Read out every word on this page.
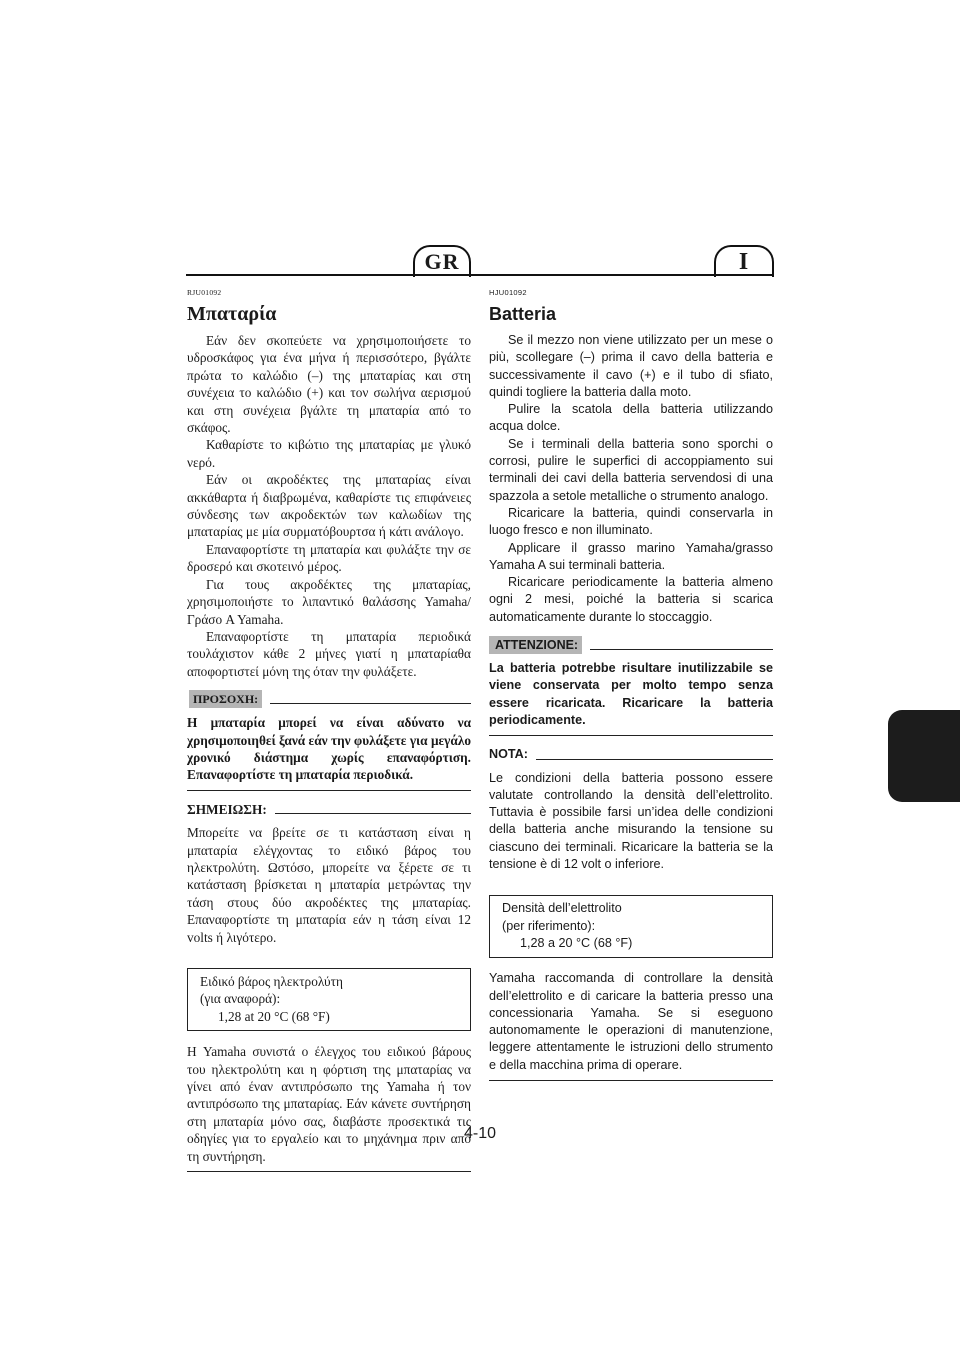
GR	I
RJU01092
Μπαταρία

Εάν δεν σκοπεύετε να χρησιμοποιήσετε το υδροσκάφος για ένα μήνα ή περισσότερο, βγάλτε πρώτα το καλώδιο (–) της μπαταρίας και στη συνέχεια το καλώδιο (+) και τον σωλήνα αερισμού και στη συνέχεια βγάλτε τη μπαταρία από το σκάφος.

Καθαρίστε το κιβώτιο της μπαταρίας με γλυκό νερό.

Εάν οι ακροδέκτες της μπαταρίας είναι ακκάθαρτα ή διαβρωμένα, καθαρίστε τις επιφάνειες σύνδεσης των ακροδεκτών των καλωδίων της μπαταρίας με μία συρματόβουρτσα ή κάτι ανάλογο.

Επαναφορτίστε τη μπαταρία και φυλάξτε την σε δροσερό και σκοτεινό μέρος.

Για τους ακροδέκτες της μπαταρίας, χρησιμοποιήστε το λιπαντικό θαλάσσης Yamaha/Γράσο A Yamaha.

Επαναφορτίστε τη μπαταρία περιοδικά τουλάχιστον κάθε 2 μήνες γιατί η μπαταρίαθα αποφορτιστεί μόνη της όταν την φυλάξετε.

ΠΡΟΣΟΧΗ:

Η μπαταρία μπορεί να είναι αδύνατο να χρησιμοποιηθεί ξανά εάν την φυλάξετε για μεγάλο χρονικό διάστημα χωρίς επαναφόρτιση. Επαναφορτίστε τη μπαταρία περιοδικά.

ΣΗΜΕΙΩΣΗ:

Μπορείτε να βρείτε σε τι κατάσταση είναι η μπαταρία ελέγχοντας το ειδικό βάρος του ηλεκτρολύτη. Ωστόσο, μπορείτε να ξέρετε σε τι κατάσταση βρίσκεται η μπαταρία μετρώντας την τάση στους δύο ακροδέκτες της μπαταρίας. Επαναφορτίστε τη μπαταρία εάν η τάση είναι 12 volts ή λιγότερο.

Ειδικό βάρος ηλεκτρολύτη
(για αναφορά):
1,28 at 20 °C (68 °F)

Η Yamaha συνιστά ο έλεγχος του ειδικού βάρους του ηλεκτρολύτη και η φόρτιση της μπαταρίας να γίνει από έναν αντιπρόσωπο της Yamaha ή τον αντιπρόσωπο της μπαταρίας. Εάν κάνετε συντήρηση στη μπαταρία μόνο σας, διαβάστε προσεκτικά τις οδηγίες για το εργαλείο και το μηχάνημα πριν από τη συντήρηση.

HJU01092
Batteria

Se il mezzo non viene utilizzato per un mese o più, scollegare (–) prima il cavo della batteria e successivamente il cavo (+) e il tubo di sfiato, quindi togliere la batteria dalla moto.

Pulire la scatola della batteria utilizzando acqua dolce.

Se i terminali della batteria sono sporchi o corrosi, pulire le superfici di accoppiamento sui terminali dei cavi della batteria servendosi di una spazzola a setole metalliche o strumento analogo.

Ricaricare la batteria, quindi conservarla in luogo fresco e non illuminato.

Applicare il grasso marino Yamaha/grasso Yamaha A sui terminali batteria.

Ricaricare periodicamente la batteria almeno ogni 2 mesi, poiché la batteria si scarica automaticamente durante lo stoccaggio.

ATTENZIONE:

La batteria potrebbe risultare inutilizzabile se viene conservata per molto tempo senza essere ricaricata. Ricaricare la batteria periodicamente.

NOTA:

Le condizioni della batteria possono essere valutate controllando la densità dell’elettrolito. Tuttavia è possibile farsi un’idea delle condizioni della batteria anche misurando la tensione su ciascuno dei terminali. Ricaricare la batteria se la tensione è di 12 volt o inferiore.

Densità dell’elettrolito
(per riferimento):
1,28 a 20 °C (68 °F)

Yamaha raccomanda di controllare la densità dell’elettrolito e di caricare la batteria presso una concessionaria Yamaha. Se si eseguono autonomamente le operazioni di manutenzione, leggere attentamente le istruzioni dello strumento e della macchina prima di operare.

4-10
